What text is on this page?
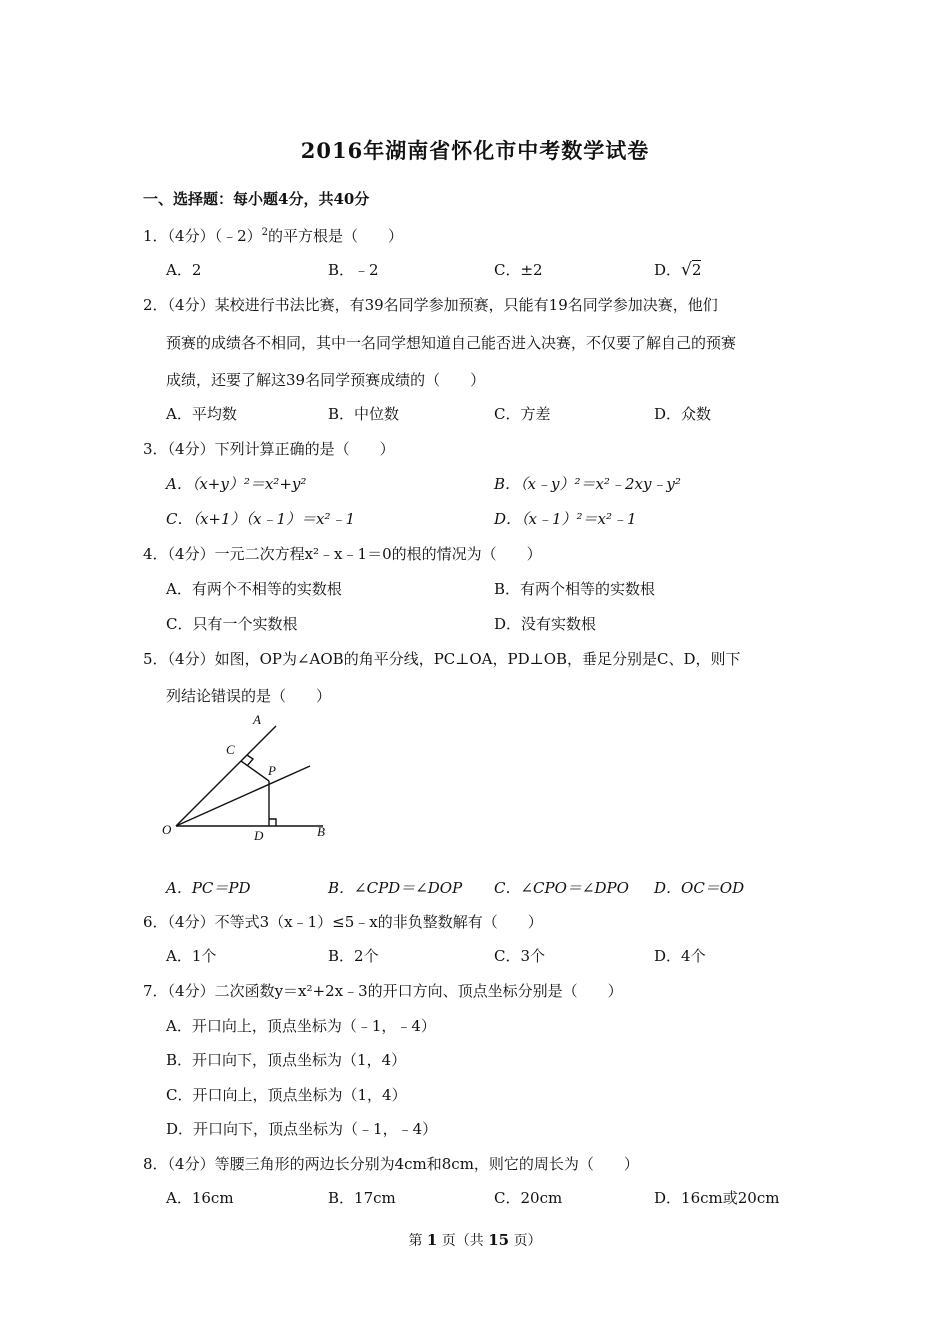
2016年湖南省怀化市中考数学试卷
一、选择题：每小题4分，共40分
1．（4分）（﹣2）$^2$的平方根是（　　）
A．2	B．﹣2	C．±2	D．√2
2．（4分）某校进行书法比赛，有39名同学参加预赛，只能有19名同学参加决赛，他们
预赛的成绩各不相同，其中一名同学想知道自己能否进入决赛，不仅要了解自己的预赛
成绩，还要了解这39名同学预赛成绩的（　　）
A．平均数	B．中位数	C．方差	D．众数
3．（4分）下列计算正确的是（　　）
A．（x+y）²＝x²+y²	B．（x﹣y）²＝x²﹣2xy﹣y²
C．（x+1）（x﹣1）＝x²﹣1	D．（x﹣1）²＝x²﹣1
4．（4分）一元二次方程x²﹣x﹣1＝0的根的情况为（　　）
A．有两个不相等的实数根	B．有两个相等的实数根
C．只有一个实数根	D．没有实数根
5．（4分）如图，OP为∠AOB的角平分线，PC⊥OA，PD⊥OB，垂足分别是C、D，则下
列结论错误的是（　　）
A
C
P
O	D	B
A．PC＝PD	B．∠CPD＝∠DOP C．∠CPO＝∠DPO D．OC＝OD
6．（4分）不等式3（x﹣1）≤5﹣x的非负整数解有（　　）
A．1个	B．2个	C．3个	D．4个
7．（4分）二次函数y＝x²+2x﹣3的开口方向、顶点坐标分别是（　　）
A．开口向上，顶点坐标为（﹣1，﹣4）
B．开口向下，顶点坐标为（1，4）
C．开口向上，顶点坐标为（1，4）
D．开口向下，顶点坐标为（﹣1，﹣4）
8．（4分）等腰三角形的两边长分别为4cm和8cm，则它的周长为（　　）
A．16cm	B．17cm	C．20cm	D．16cm或20cm
第 1 页（共 15 页）
